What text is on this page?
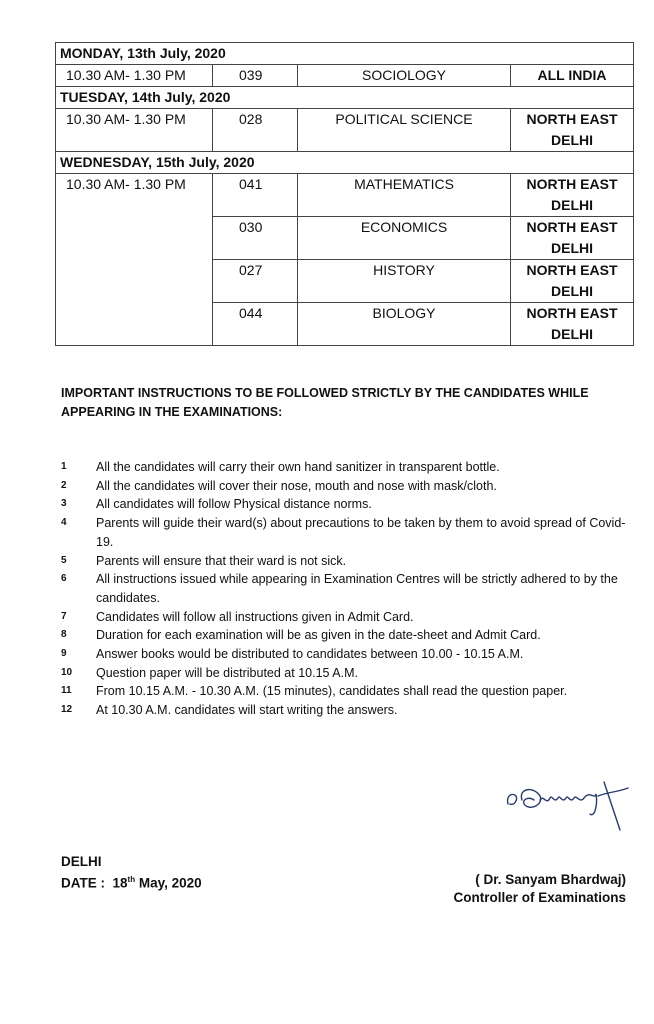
MONDAY, 13th July, 2020			
10.30 AM- 1.30 PM	039	SOCIOLOGY	ALL INDIA
TUESDAY, 14th July, 2020			
10.30 AM- 1.30 PM	028	POLITICAL SCIENCE	NORTH EAST DELHI
WEDNESDAY, 15th July, 2020			
10.30 AM- 1.30 PM	041	MATHEMATICS	NORTH EAST DELHI
	030	ECONOMICS	NORTH EAST DELHI
	027	HISTORY	NORTH EAST DELHI
	044	BIOLOGY	NORTH EAST DELHI

IMPORTANT INSTRUCTIONS TO BE FOLLOWED STRICTLY BY THE CANDIDATES WHILE APPEARING IN THE EXAMINATIONS:

1	All the candidates will carry their own hand sanitizer in transparent bottle.
2	All the candidates will cover their nose, mouth and nose with mask/cloth.
3	All candidates will follow Physical distance norms.
4	Parents will guide their ward(s) about precautions to be taken by them to avoid spread of Covid-19.
5	Parents will ensure that their ward is not sick.
6	All instructions issued while appearing in Examination Centres will be strictly adhered to by the candidates.
7	Candidates will follow all instructions given in Admit Card.
8	Duration for each examination will be as given in the date-sheet and Admit Card.
9	Answer books would be distributed to candidates between 10.00 - 10.15 A.M.
10	Question paper will be distributed at 10.15 A.M.
11	From 10.15 A.M. - 10.30 A.M. (15 minutes), candidates shall read the question paper.
12	At 10.30 A.M. candidates will start writing the answers.
DELHI
DATE : 18th May, 2020	( Dr. Sanyam Bhardwaj)
Controller of Examinations
